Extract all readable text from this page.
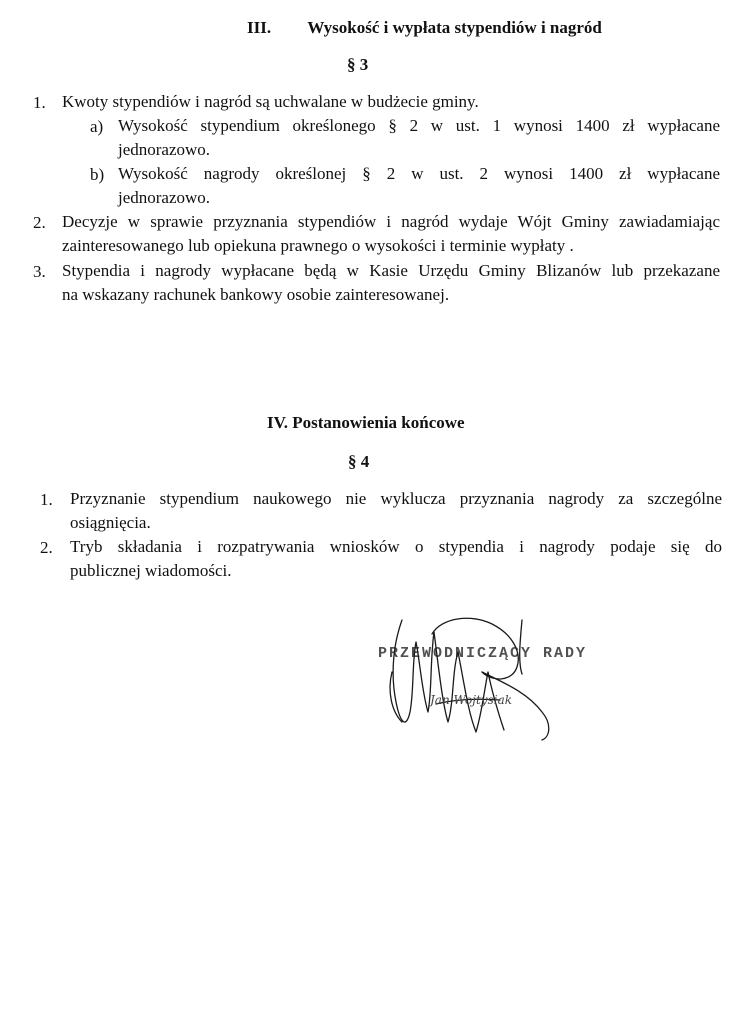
III. Wysokość i wypłata stypendiów i nagród
§ 3
1. Kwoty stypendiów i nagród są uchwalane w budżecie gminy.
a) Wysokość stypendium określonego § 2 w ust. 1 wynosi 1400 zł wypłacane
jednorazowo.
b) Wysokość nagrody określonej § 2 w ust. 2 wynosi 1400 zł wypłacane
jednorazowo.
2. Decyzje w sprawie przyznania stypendiów i nagród wydaje Wójt Gminy zawiadamiając
zainteresowanego lub opiekuna prawnego o wysokości i terminie wypłaty .
3. Stypendia i nagrody wypłacane będą w Kasie Urzędu Gminy Blizanów lub przekazane
na wskazany rachunek bankowy osobie zainteresowanej.
IV. Postanowienia końcowe
§ 4
1. Przyznanie stypendium naukowego nie wyklucza przyznania nagrody za szczególne
osiągnięcia.
2. Tryb składania i rozpatrywania wniosków o stypendia i nagrody podaje się do
publicznej wiadomości.
PRZEWODNICZĄCY RADY
Jan Wojtysiak
